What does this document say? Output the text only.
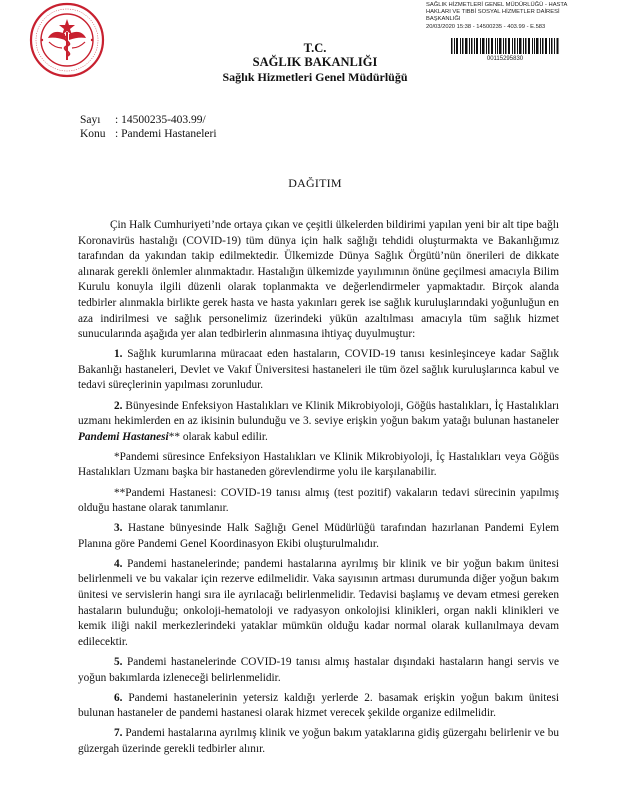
SAĞLIK HİZMETLERİ GENEL MÜDÜRLÜĞÜ - HASTA
HAKLARI VE TIBBİ SOSYAL HİZMETLER DAİRESİ
BAŞKANLIĞI
20/03/2020 15:38 - 14500235 - 403.99 - E.583
00115295830
T.C.
SAĞLIK BAKANLIĞI
Sağlık Hizmetleri Genel Müdürlüğü
Sayı : 14500235-403.99/
Konu : Pandemi Hastaneleri
DAĞITIM

Çin Halk Cumhuriyeti’nde ortaya çıkan ve çeşitli ülkelerden bildirimi yapılan yeni bir alt tipe bağlı Koronavirüs hastalığı (COVID-19) tüm dünya için halk sağlığı tehdidi oluşturmakta ve Bakanlığımız tarafından da yakından takip edilmektedir. Ülkemizde Dünya Sağlık Örgütü’nün önerileri de dikkate alınarak gerekli önlemler alınmaktadır. Hastalığın ülkemizde yayılımının önüne geçilmesi amacıyla Bilim Kurulu konuyla ilgili düzenli olarak toplanmakta ve değerlendirmeler yapmaktadır. Birçok alanda tedbirler alınmakla birlikte gerek hasta ve hasta yakınları gerek ise sağlık kuruluşlarındaki yoğunluğun en aza indirilmesi ve sağlık personelimiz üzerindeki yükün azaltılması amacıyla tüm sağlık hizmet sunucularında aşağıda yer alan tedbirlerin alınmasına ihtiyaç duyulmuştur:

1. Sağlık kurumlarına müracaat eden hastaların, COVID-19 tanısı kesinleşinceye kadar Sağlık Bakanlığı hastaneleri, Devlet ve Vakıf Üniversitesi hastaneleri ile tüm özel sağlık kuruluşlarınca kabul ve tedavi süreçlerinin yapılması zorunludur.

2. Bünyesinde Enfeksiyon Hastalıkları ve Klinik Mikrobiyoloji, Göğüs hastalıkları, İç Hastalıkları uzmanı hekimlerden en az ikisinin bulunduğu ve 3. seviye erişkin yoğun bakım yatağı bulunan hastaneler Pandemi Hastanesi** olarak kabul edilir.

*Pandemi süresince Enfeksiyon Hastalıkları ve Klinik Mikrobiyoloji, İç Hastalıkları veya Göğüs Hastalıkları Uzmanı başka bir hastaneden görevlendirme yolu ile karşılanabilir.

**Pandemi Hastanesi: COVID-19 tanısı almış (test pozitif) vakaların tedavi sürecinin yapılmış olduğu hastane olarak tanımlanır.

3. Hastane bünyesinde Halk Sağlığı Genel Müdürlüğü tarafından hazırlanan Pandemi Eylem Planına göre Pandemi Genel Koordinasyon Ekibi oluşturulmalıdır.

4. Pandemi hastanelerinde; pandemi hastalarına ayrılmış bir klinik ve bir yoğun bakım ünitesi belirlenmeli ve bu vakalar için rezerve edilmelidir. Vaka sayısının artması durumunda diğer yoğun bakım ünitesi ve servislerin hangi sıra ile ayrılacağı belirlenmelidir. Tedavisi başlamış ve devam etmesi gereken hastaların bulunduğu; onkoloji-hematoloji ve radyasyon onkolojisi klinikleri, organ nakli klinikleri ve kemik iliği nakil merkezlerindeki yataklar mümkün olduğu kadar normal olarak kullanılmaya devam edilecektir.

5. Pandemi hastanelerinde COVID-19 tanısı almış hastalar dışındaki hastaların hangi servis ve yoğun bakımlarda izleneceği belirlenmelidir.

6. Pandemi hastanelerinin yetersiz kaldığı yerlerde 2. basamak erişkin yoğun bakım ünitesi bulunan hastaneler de pandemi hastanesi olarak hizmet verecek şekilde organize edilmelidir.

7. Pandemi hastalarına ayrılmış klinik ve yoğun bakım yataklarına gidiş güzergahı belirlenir ve bu güzergah üzerinde gerekli tedbirler alınır.
